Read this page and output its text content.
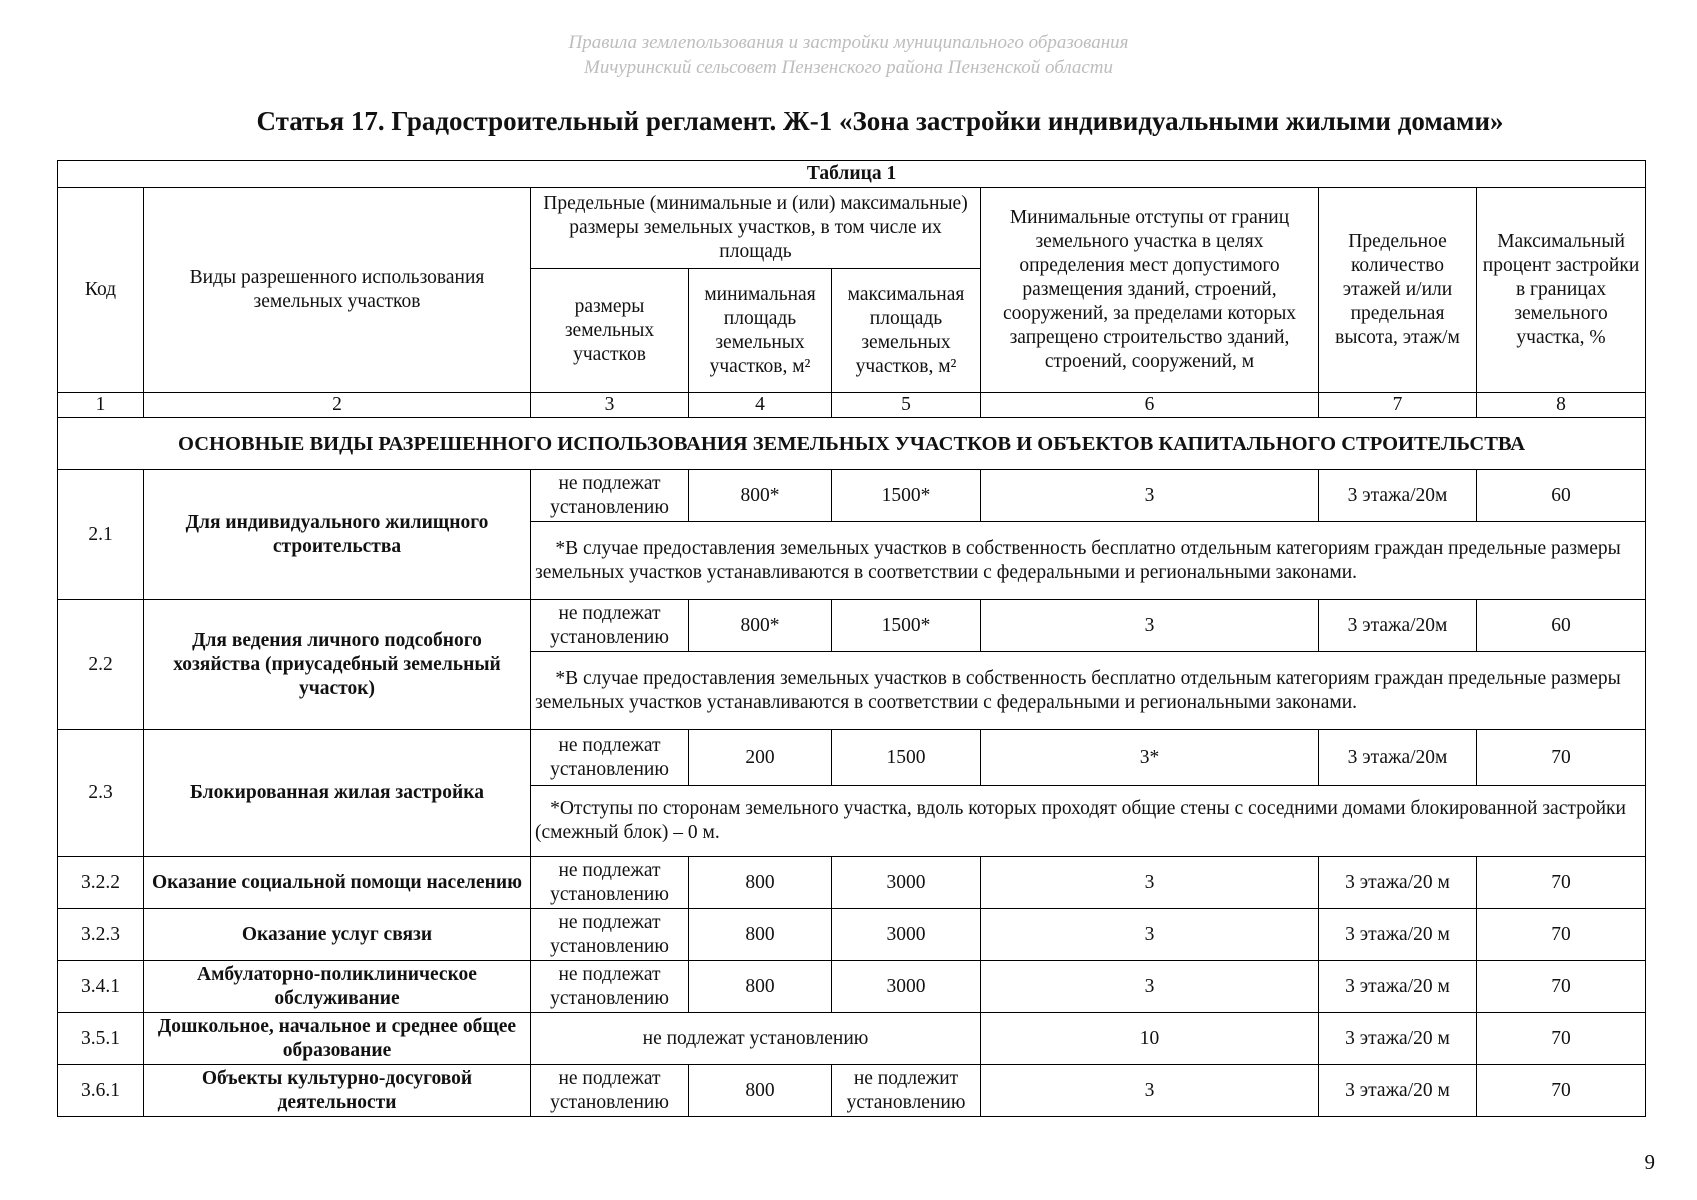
Правила землепользования и застройки муниципального образования
Мичуринский сельсовет Пензенского района Пензенской области
Статья 17. Градостроительный регламент. Ж-1 «Зона застройки индивидуальными жилыми домами»
Таблица 1							
Код	Виды разрешенного использования земельных участков	Предельные (минимальные и (или) максимальные) размеры земельных участков, в том числе их площадь			Минимальные отступы от границ земельного участка в целях определения мест допустимого размещения зданий, строений, сооружений, за пределами которых запрещено строительство зданий, строений, сооружений, м	Предельное количество этажей и/или предельная высота, этаж/м	Максимальный процент застройки в границах земельного участка, %
		размеры земельных участков	минимальная площадь земельных участков, м²	максимальная площадь земельных участков, м²			
1	2	3	4	5	6	7	8
ОСНОВНЫЕ ВИДЫ РАЗРЕШЕННОГО ИСПОЛЬЗОВАНИЯ ЗЕМЕЛЬНЫХ УЧАСТКОВ И ОБЪЕКТОВ КАПИТАЛЬНОГО СТРОИТЕЛЬСТВА							
2.1	Для индивидуального жилищного строительства	не подлежат установлению	800*	1500*	3	3 этажа/20м	60
		*В случае предоставления земельных участков в собственность бесплатно отдельным категориям граждан предельные размеры земельных участков устанавливаются в соответствии с федеральными и региональными законами.					
2.2	Для ведения личного подсобного хозяйства (приусадебный земельный участок)	не подлежат установлению	800*	1500*	3	3 этажа/20м	60
		*В случае предоставления земельных участков в собственность бесплатно отдельным категориям граждан предельные размеры земельных участков устанавливаются в соответствии с федеральными и региональными законами.					
2.3	Блокированная жилая застройка	не подлежат установлению	200	1500	3*	3 этажа/20м	70
		*Отступы по сторонам земельного участка, вдоль которых проходят общие стены с соседними домами блокированной застройки (смежный блок) – 0 м.					
3.2.2	Оказание социальной помощи населению	не подлежат установлению	800	3000	3	3 этажа/20 м	70
3.2.3	Оказание услуг связи	не подлежат установлению	800	3000	3	3 этажа/20 м	70
3.4.1	Амбулаторно-поликлиническое обслуживание	не подлежат установлению	800	3000	3	3 этажа/20 м	70
3.5.1	Дошкольное, начальное и среднее общее образование	не подлежат установлению			10	3 этажа/20 м	70
3.6.1	Объекты культурно-досуговой деятельности	не подлежат установлению	800	не подлежит установлению	3	3 этажа/20 м	70
9
